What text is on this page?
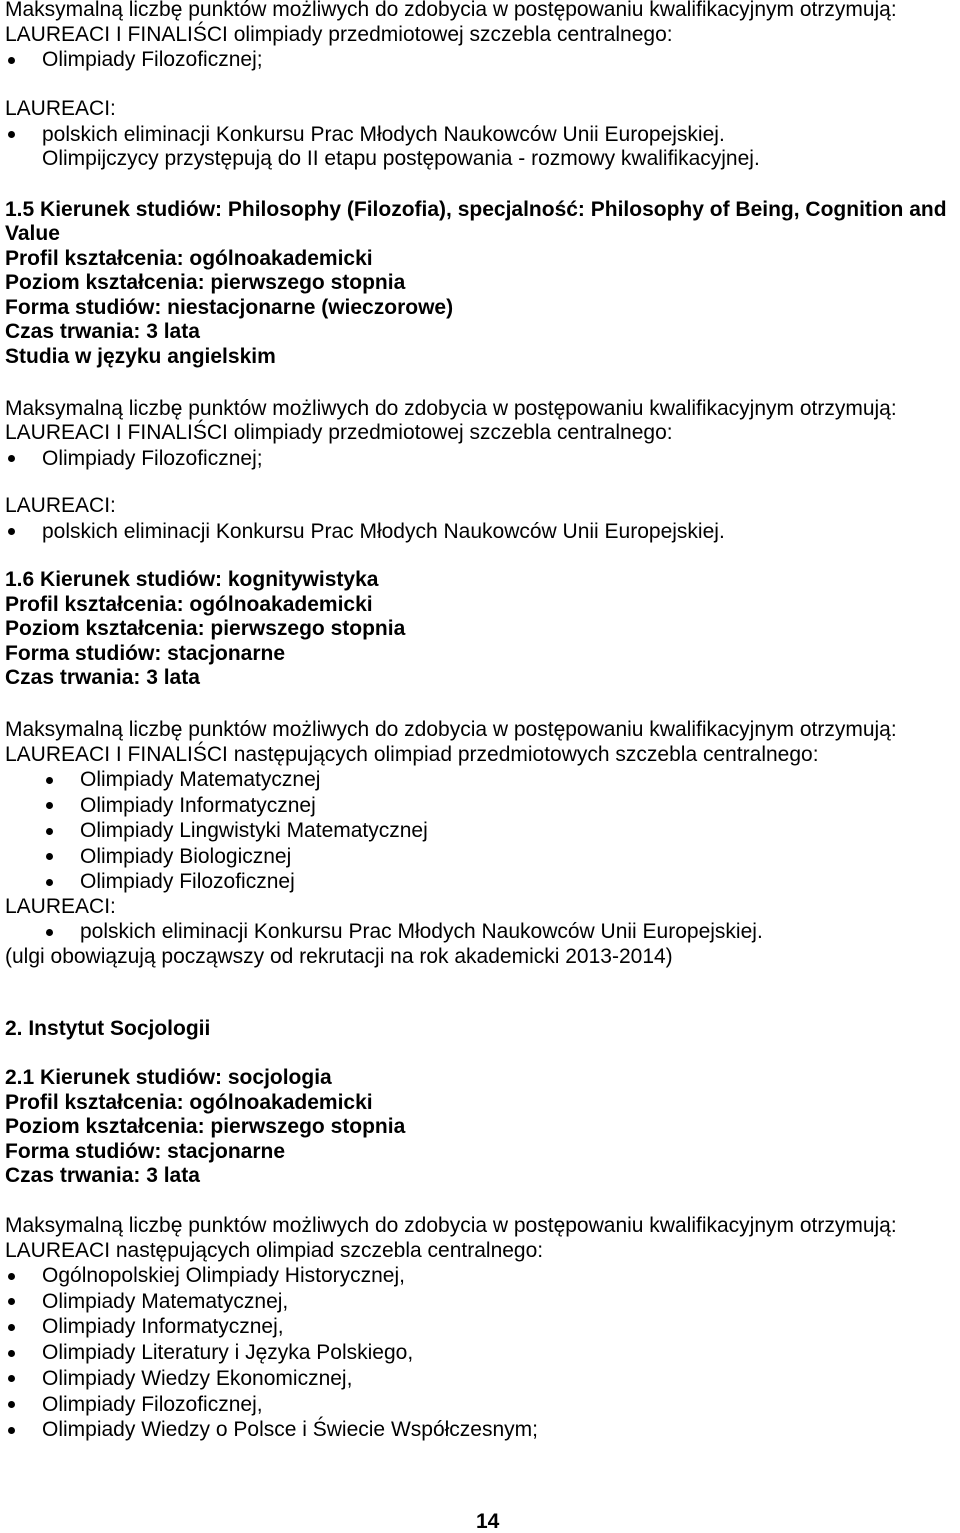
Maksymalną liczbę punktów możliwych do zdobycia w postępowaniu kwalifikacyjnym otrzymują:
LAUREACI I FINALIŚCI olimpiady przedmiotowej szczebla centralnego:
Olimpiady Filozoficznej;
LAUREACI:
polskich eliminacji Konkursu Prac Młodych Naukowców Unii Europejskiej.
Olimpijczycy przystępują do II etapu postępowania - rozmowy kwalifikacyjnej.
1.5 Kierunek studiów: Philosophy (Filozofia), specjalność: Philosophy of Being, Cognition and Value
Profil kształcenia: ogólnoakademicki
Poziom kształcenia: pierwszego stopnia
Forma studiów: niestacjonarne (wieczorowe)
Czas trwania: 3 lata
Studia w języku angielskim
Maksymalną liczbę punktów możliwych do zdobycia w postępowaniu kwalifikacyjnym otrzymują:
LAUREACI I FINALIŚCI olimpiady przedmiotowej szczebla centralnego:
Olimpiady Filozoficznej;
LAUREACI:
polskich eliminacji Konkursu Prac Młodych Naukowców Unii Europejskiej.
1.6 Kierunek studiów: kognitywistyka
Profil kształcenia: ogólnoakademicki
Poziom kształcenia: pierwszego stopnia
Forma studiów: stacjonarne
Czas trwania: 3 lata
Maksymalną liczbę punktów możliwych do zdobycia w postępowaniu kwalifikacyjnym otrzymują:
LAUREACI I FINALIŚCI następujących olimpiad przedmiotowych szczebla centralnego:
Olimpiady Matematycznej
Olimpiady Informatycznej
Olimpiady Lingwistyki Matematycznej
Olimpiady Biologicznej
Olimpiady Filozoficznej
LAUREACI:
polskich eliminacji Konkursu Prac Młodych Naukowców Unii Europejskiej.
(ulgi obowiązują począwszy od rekrutacji na rok akademicki 2013-2014)
2. Instytut Socjologii
2.1 Kierunek studiów: socjologia
Profil kształcenia: ogólnoakademicki
Poziom kształcenia: pierwszego stopnia
Forma studiów: stacjonarne
Czas trwania: 3 lata
Maksymalną liczbę punktów możliwych do zdobycia w postępowaniu kwalifikacyjnym otrzymują:
LAUREACI następujących olimpiad szczebla centralnego:
Ogólnopolskiej Olimpiady Historycznej,
Olimpiady Matematycznej,
Olimpiady Informatycznej,
Olimpiady Literatury i Języka Polskiego,
Olimpiady Wiedzy Ekonomicznej,
Olimpiady Filozoficznej,
Olimpiady Wiedzy o Polsce i Świecie Współczesnym;
14
